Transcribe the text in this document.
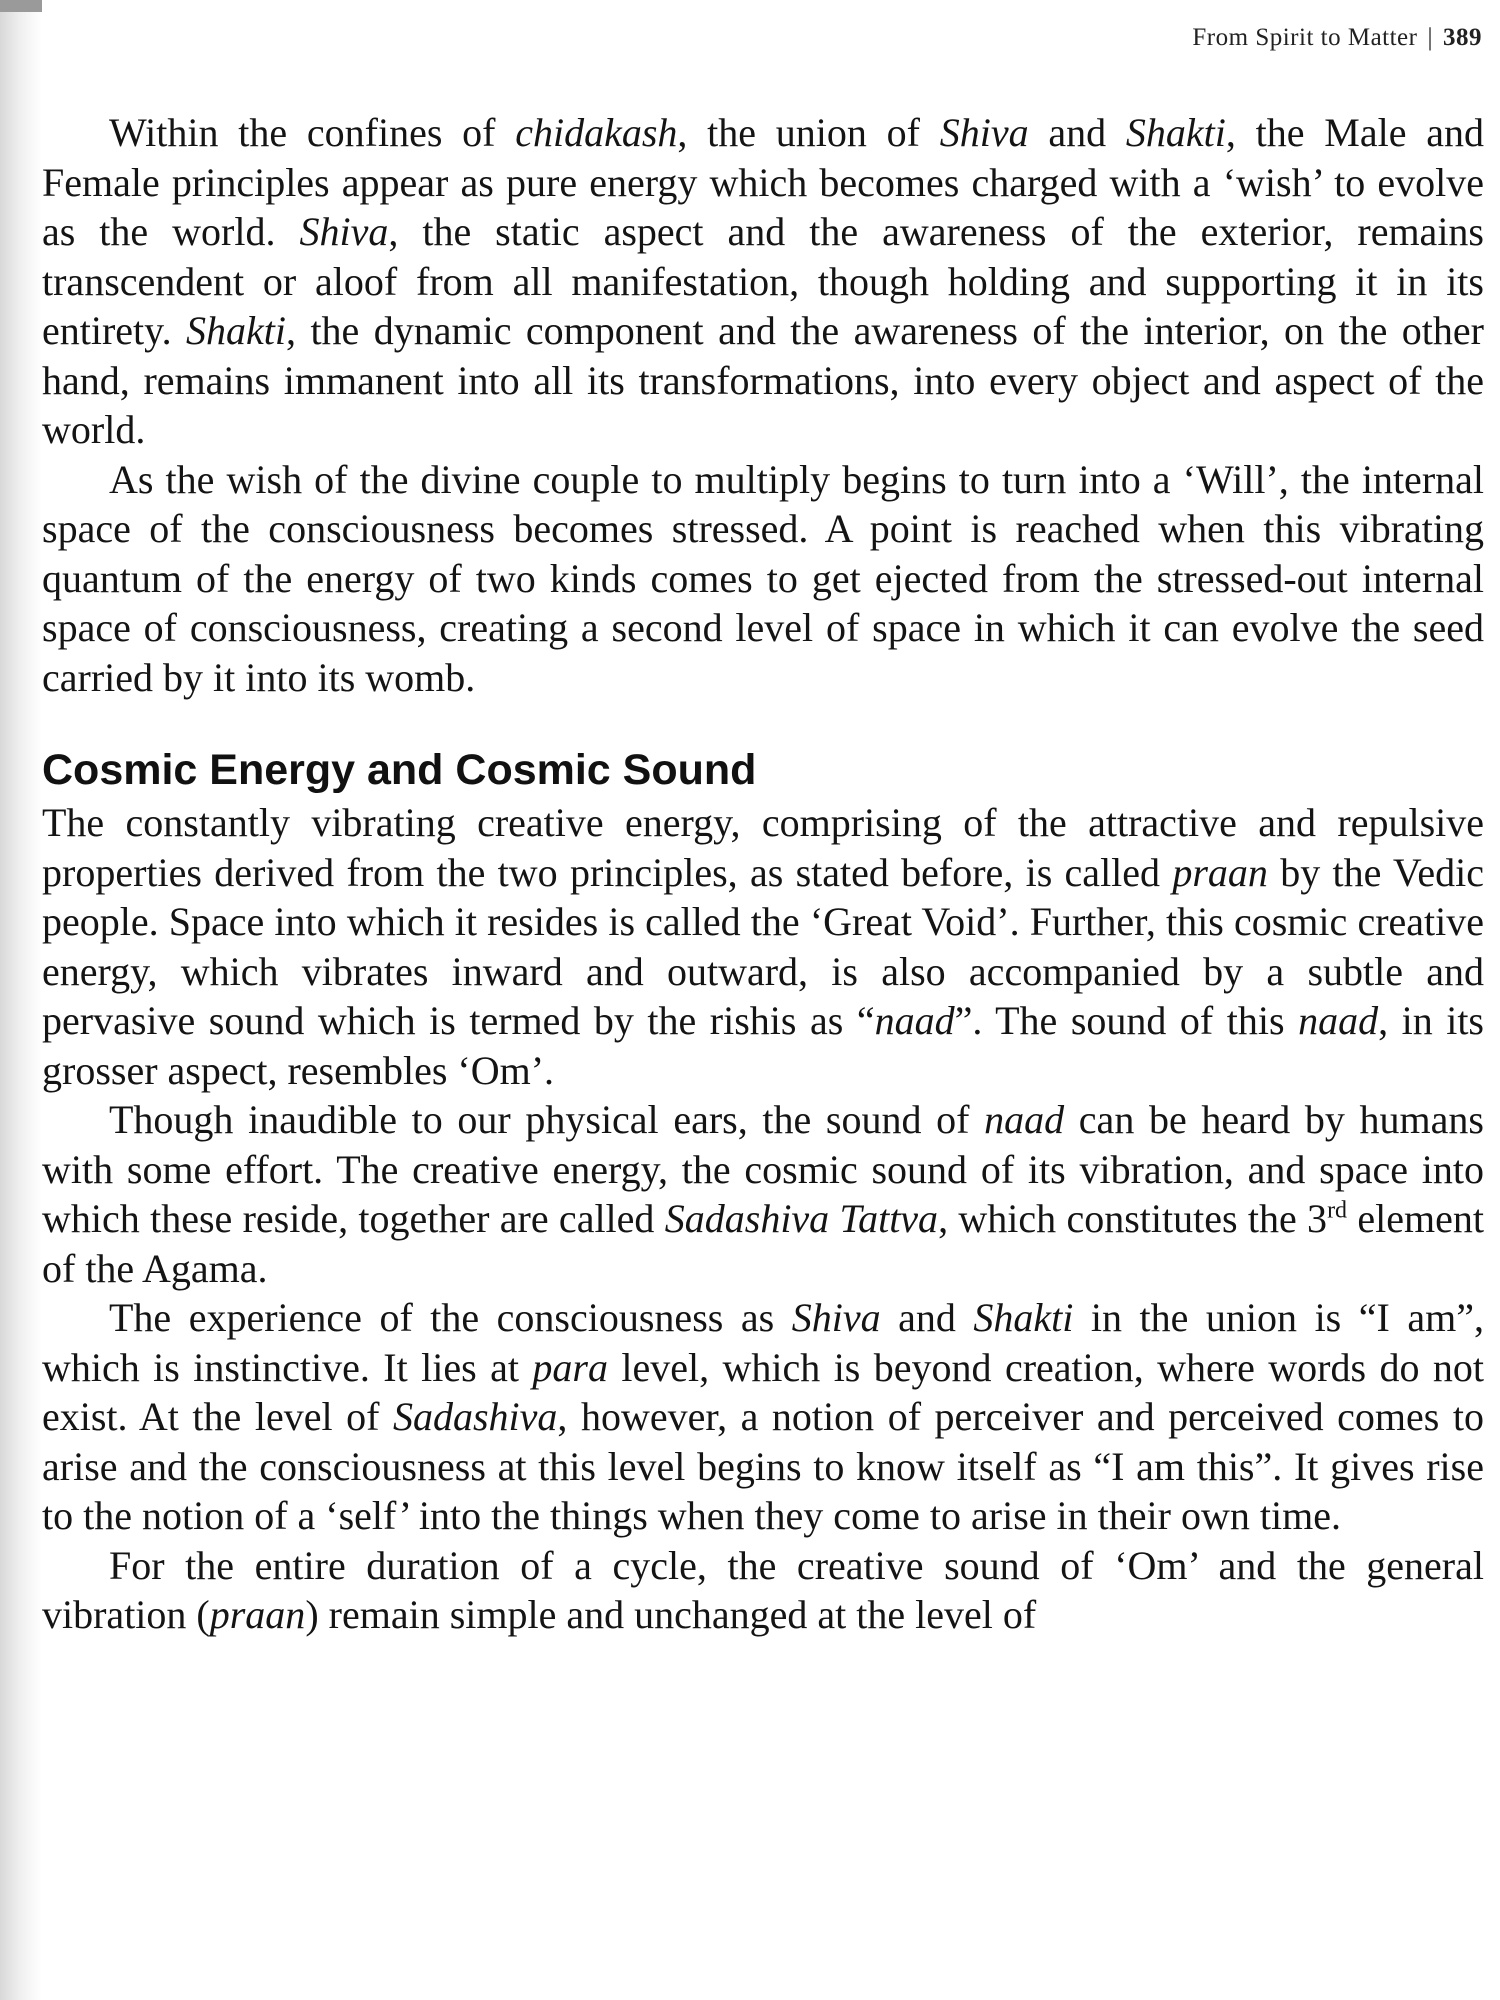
From Spirit to Matter | 389

Within the confines of chidakash, the union of Shiva and Shakti, the Male and Female principles appear as pure energy which becomes charged with a ‘wish’ to evolve as the world. Shiva, the static aspect and the awareness of the exterior, remains transcendent or aloof from all manifestation, though holding and supporting it in its entirety. Shakti, the dynamic component and the awareness of the interior, on the other hand, remains immanent into all its transformations, into every object and aspect of the world.

As the wish of the divine couple to multiply begins to turn into a ‘Will’, the internal space of the consciousness becomes stressed. A point is reached when this vibrating quantum of the energy of two kinds comes to get ejected from the stressed-out internal space of consciousness, creating a second level of space in which it can evolve the seed carried by it into its womb.

Cosmic Energy and Cosmic Sound

The constantly vibrating creative energy, comprising of the attractive and repulsive properties derived from the two principles, as stated before, is called praan by the Vedic people. Space into which it resides is called the ‘Great Void’. Further, this cosmic creative energy, which vibrates inward and outward, is also accompanied by a subtle and pervasive sound which is termed by the rishis as “naad”. The sound of this naad, in its grosser aspect, resembles ‘Om’.

Though inaudible to our physical ears, the sound of naad can be heard by humans with some effort. The creative energy, the cosmic sound of its vibration, and space into which these reside, together are called Sadashiva Tattva, which constitutes the 3rd element of the Agama.

The experience of the consciousness as Shiva and Shakti in the union is “I am”, which is instinctive. It lies at para level, which is beyond creation, where words do not exist. At the level of Sadashiva, however, a notion of perceiver and perceived comes to arise and the consciousness at this level begins to know itself as “I am this”. It gives rise to the notion of a ‘self’ into the things when they come to arise in their own time.

For the entire duration of a cycle, the creative sound of ‘Om’ and the general vibration (praan) remain simple and unchanged at the level of
